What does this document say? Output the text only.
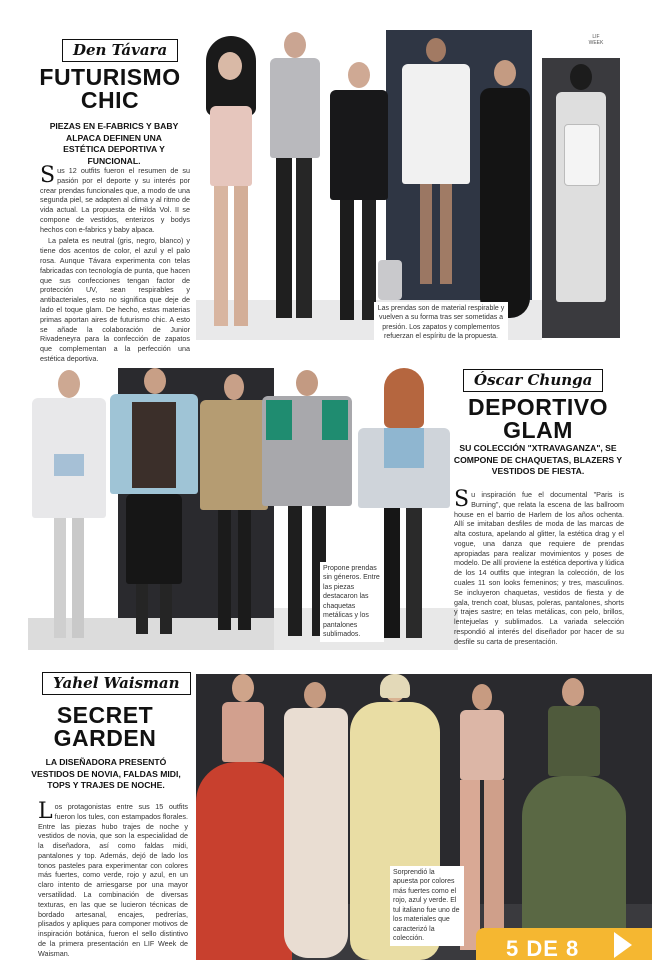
Den Távara
FUTURISMO
CHIC
PIEZAS EN E-FABRICS Y BABY ALPACA DEFINEN UNA ESTÉTICA DEPORTIVA Y FUNCIONAL.

Sus 12 outfits fueron el resumen de su pasión por el deporte y su interés por crear prendas funcionales que, a modo de una segunda piel, se adapten al clima y al ritmo de vida actual. La propuesta de Hilda Vol. II se compone de vestidos, enterizos y bodys hechos con e-fabrics y baby alpaca.

La paleta es neutral (gris, negro, blanco) y tiene dos acentos de color, el azul y el palo rosa. Aunque Távara experimenta con telas fabricadas con tecnología de punta, que hacen que sus confecciones tengan factor de protección UV, sean respirables y antibacteriales, esto no significa que deje de lado el toque glam. De hecho, estas materias primas aportan aires de futurismo chic. A esto se añade la colaboración de Junior Rivadeneyra para la confección de zapatos que complementan a la perfección una estética deportiva.

LIF
WEEK
Las prendas son de material respirable y vuelven a su forma tras ser sometidas a presión. Los zapatos y complementos refuerzan el espíritu de la propuesta.
Propone prendas sin géneros. Entre las piezas destacaron las chaquetas metálicas y los pantalones sublimados.
Óscar Chunga
DEPORTIVO
GLAM
SU COLECCIÓN "XTRAVAGANZA", SE COMPONE DE CHAQUETAS, BLAZERS Y VESTIDOS DE FIESTA.

Su inspiración fue el documental "Paris is Burning", que relata la escena de las ballroom house en el barrio de Harlem de los años ochenta. Allí se imitaban desfiles de moda de las marcas de alta costura, apelando al glitter, la estética drag y el vogue, una danza que requiere de prendas apropiadas para realizar movimientos y poses de modelo. De allí proviene la estética deportiva y lúdica de los 14 outfits que integran la colección, de los cuales 11 son looks femeninos; y tres, masculinos. Se incluyeron chaquetas, vestidos de fiesta y de gala, trench coat, blusas, poleras, pantalones, shorts y trajes sastre; en telas metálicas, con pelo, brillos, lentejuelas y sublimados. La variada selección respondió al interés del diseñador por hacer de su desfile su carta de presentación.

Yahel Waisman
SECRET
GARDEN
LA DISEÑADORA PRESENTÓ VESTIDOS DE NOVIA, FALDAS MIDI, TOPS Y TRAJES DE NOCHE.

Los protagonistas entre sus 15 outfits fueron los tules, con estampados florales. Entre las piezas hubo trajes de noche y vestidos de novia, que son la especialidad de la diseñadora, así como faldas midi, pantalones y top. Además, dejó de lado los tonos pasteles para experimentar con colores más fuertes, como verde, rojo y azul, en un claro intento de arriesgarse por una mayor versatilidad. La combinación de diversas texturas, en las que se lucieron técnicas de bordado artesanal, encajes, pedrerías, plisados y apliques para componer motivos de inspiración botánica, fueron el sello distintivo de la primera presentación en LIF Week de Waisman.

Sorprendió la apuesta por colores más fuertes como el rojo, azul y verde. El tul italiano fue uno de los materiales que caracterizó la colección.	5 DE 8
